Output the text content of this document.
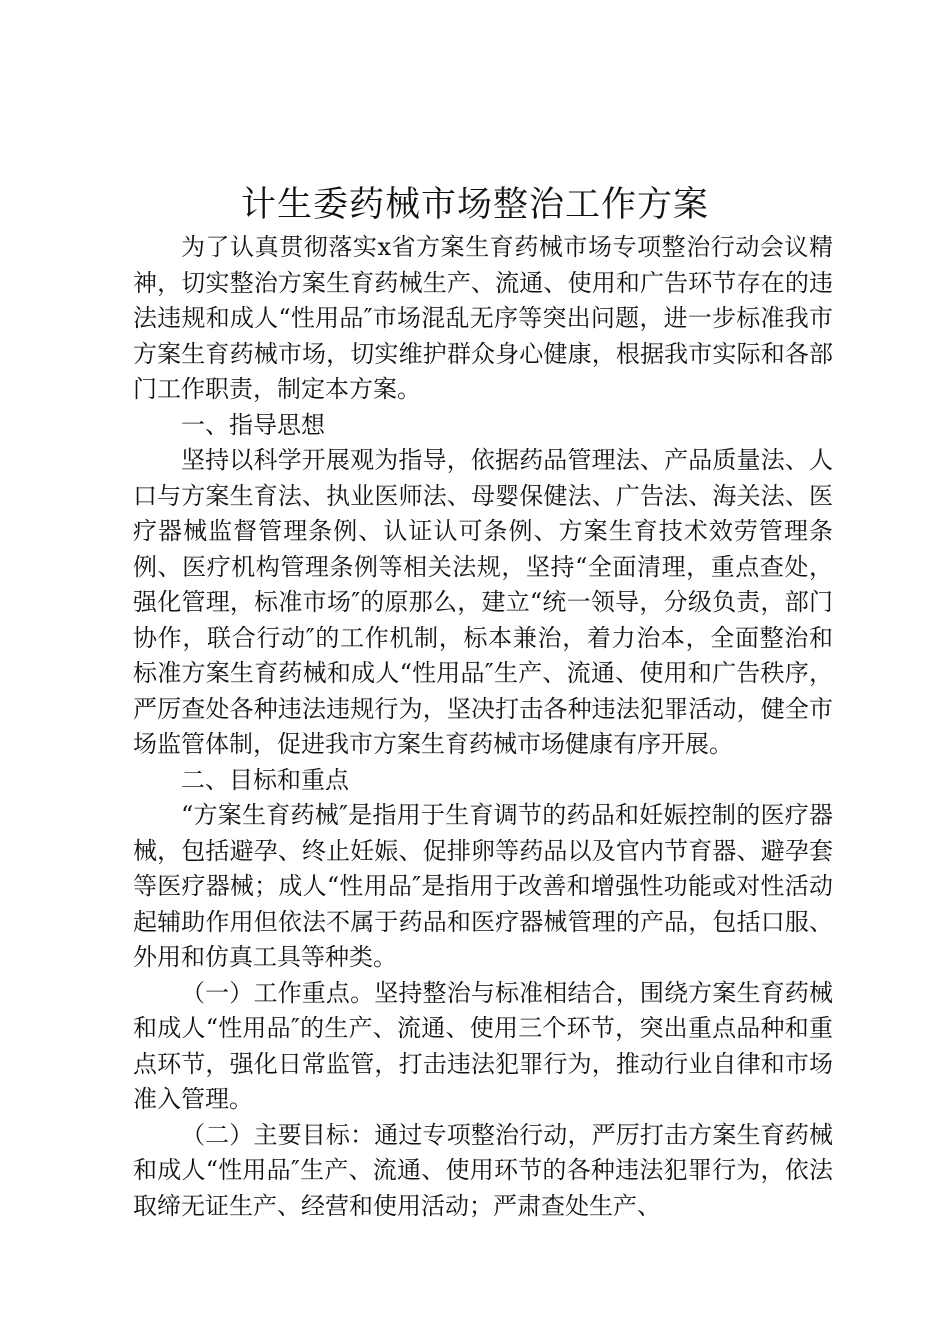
计生委药械市场整治工作方案

为了认真贯彻落实x省方案生育药械市场专项整治行动会议精神，切实整治方案生育药械生产、流通、使用和广告环节存在的违法违规和成人“性用品″市场混乱无序等突出问题，进一步标准我市方案生育药械市场，切实维护群众身心健康，根据我市实际和各部门工作职责，制定本方案。

一、指导思想

坚持以科学开展观为指导，依据药品管理法、产品质量法、人口与方案生育法、执业医师法、母婴保健法、广告法、海关法、医疗器械监督管理条例、认证认可条例、方案生育技术效劳管理条例、医疗机构管理条例等相关法规，坚持“全面清理，重点查处，强化管理，标准市场″的原那么，建立“统一领导，分级负责，部门协作，联合行动″的工作机制，标本兼治，着力治本，全面整治和标准方案生育药械和成人“性用品″生产、流通、使用和广告秩序，严厉查处各种违法违规行为，坚决打击各种违法犯罪活动，健全市场监管体制，促进我市方案生育药械市场健康有序开展。

二、目标和重点

“方案生育药械″是指用于生育调节的药品和妊娠控制的医疗器械，包括避孕、终止妊娠、促排卵等药品以及官内节育器、避孕套等医疗器械；成人“性用品″是指用于改善和增强性功能或对性活动起辅助作用但依法不属于药品和医疗器械管理的产品，包括口服、外用和仿真工具等种类。

（一）工作重点。坚持整治与标准相结合，围绕方案生育药械和成人“性用品″的生产、流通、使用三个环节，突出重点品种和重点环节，强化日常监管，打击违法犯罪行为，推动行业自律和市场准入管理。

（二）主要目标：通过专项整治行动，严厉打击方案生育药械和成人“性用品″生产、流通、使用环节的各种违法犯罪行为，依法取缔无证生产、经营和使用活动；严肃查处生产、
